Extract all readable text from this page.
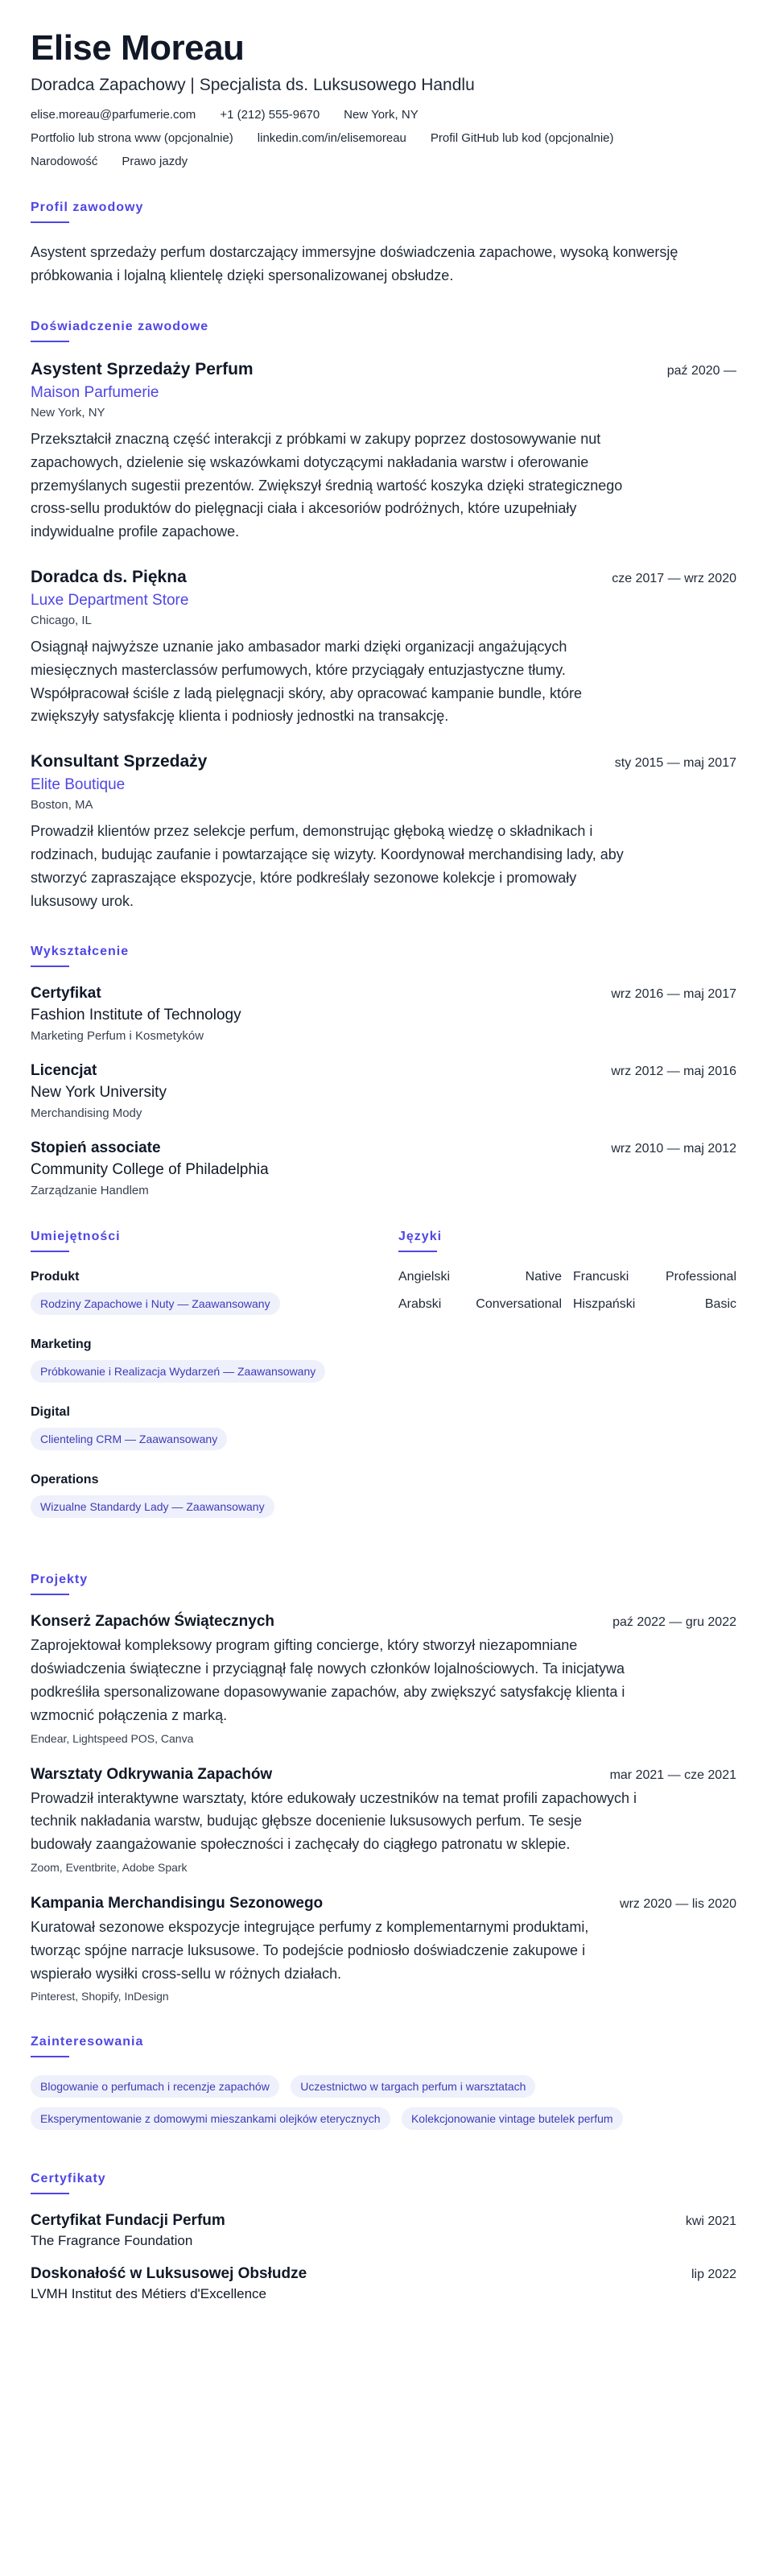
Elise Moreau
Doradca Zapachowy | Specjalista ds. Luksusowego Handlu
elise.moreau@parfumerie.com +1 (212) 555-9670 New York, NY
Portfolio lub strona www (opcjonalnie) linkedin.com/in/elisemoreau Profil GitHub lub kod (opcjonalnie)
Narodowość Prawo jazdy
Profil zawodowy

Asystent sprzedaży perfum dostarczający immersyjne doświadczenia zapachowe, wysoką konwersję próbkowania i lojalną klientelę dzięki spersonalizowanej obsłudze.

Doświadczenie zawodowe
Asystent Sprzedaży Perfum	paź 2020 —
Maison Parfumerie
New York, NY
Przekształcił znaczną część interakcji z próbkami w zakupy poprzez dostosowywanie nut zapachowych, dzielenie się wskazówkami dotyczącymi nakładania warstw i oferowanie przemyślanych sugestii prezentów. Zwiększył średnią wartość koszyka dzięki strategicznego cross-sellu produktów do pielęgnacji ciała i akcesoriów podróżnych, które uzupełniały indywidualne profile zapachowe.
Doradca ds. Piękna	cze 2017 — wrz 2020
Luxe Department Store
Chicago, IL
Osiągnął najwyższe uznanie jako ambasador marki dzięki organizacji angażujących miesięcznych masterclassów perfumowych, które przyciągały entuzjastyczne tłumy. Współpracował ściśle z ladą pielęgnacji skóry, aby opracować kampanie bundle, które zwiększyły satysfakcję klienta i podniosły jednostki na transakcję.
Konsultant Sprzedaży	sty 2015 — maj 2017
Elite Boutique
Boston, MA
Prowadził klientów przez selekcje perfum, demonstrując głęboką wiedzę o składnikach i rodzinach, budując zaufanie i powtarzające się wizyty. Koordynował merchandising lady, aby stworzyć zapraszające ekspozycje, które podkreślały sezonowe kolekcje i promowały luksusowy urok.
Wykształcenie
Certyfikat	wrz 2016 — maj 2017
Fashion Institute of Technology
Marketing Perfum i Kosmetyków
Licencjat	wrz 2012 — maj 2016
New York University
Merchandising Mody
Stopień associate	wrz 2010 — maj 2012
Community College of Philadelphia
Zarządzanie Handlem
Umiejętności
Produkt
Rodziny Zapachowe i Nuty — Zaawansowany
Marketing
Próbkowanie i Realizacja Wydarzeń — Zaawansowany
Digital
Clienteling CRM — Zaawansowany
Operations
Wizualne Standardy Lady — Zaawansowany
Języki
Angielski	Native Francuski	Professional
Arabski	Conversational Hiszpański	Basic
Projekty
Konserż Zapachów Świątecznych	paź 2022 — gru 2022
Zaprojektował kompleksowy program gifting concierge, który stworzył niezapomniane doświadczenia świąteczne i przyciągnął falę nowych członków lojalnościowych. Ta inicjatywa podkreśliła spersonalizowane dopasowywanie zapachów, aby zwiększyć satysfakcję klienta i wzmocnić połączenia z marką.
Endear, Lightspeed POS, Canva
Warsztaty Odkrywania Zapachów	mar 2021 — cze 2021
Prowadził interaktywne warsztaty, które edukowały uczestników na temat profili zapachowych i technik nakładania warstw, budując głębsze docenienie luksusowych perfum. Te sesje budowały zaangażowanie społeczności i zachęcały do ciągłego patronatu w sklepie.
Zoom, Eventbrite, Adobe Spark
Kampania Merchandisingu Sezonowego	wrz 2020 — lis 2020
Kuratował sezonowe ekspozycje integrujące perfumy z komplementarnymi produktami, tworząc spójne narracje luksusowe. To podejście podniosło doświadczenie zakupowe i wspierało wysiłki cross-sellu w różnych działach.
Pinterest, Shopify, InDesign
Zainteresowania
Blogowanie o perfumach i recenzje zapachów	Uczestnictwo w targach perfum i warsztatach Eksperymentowanie z domowymi mieszankami olejków eterycznych	Kolekcjonowanie vintage butelek perfum
Certyfikaty
Certyfikat Fundacji Perfum	kwi 2021
The Fragrance Foundation
Doskonałość w Luksusowej Obsłudze	lip 2022
LVMH Institut des Métiers d'Excellence
